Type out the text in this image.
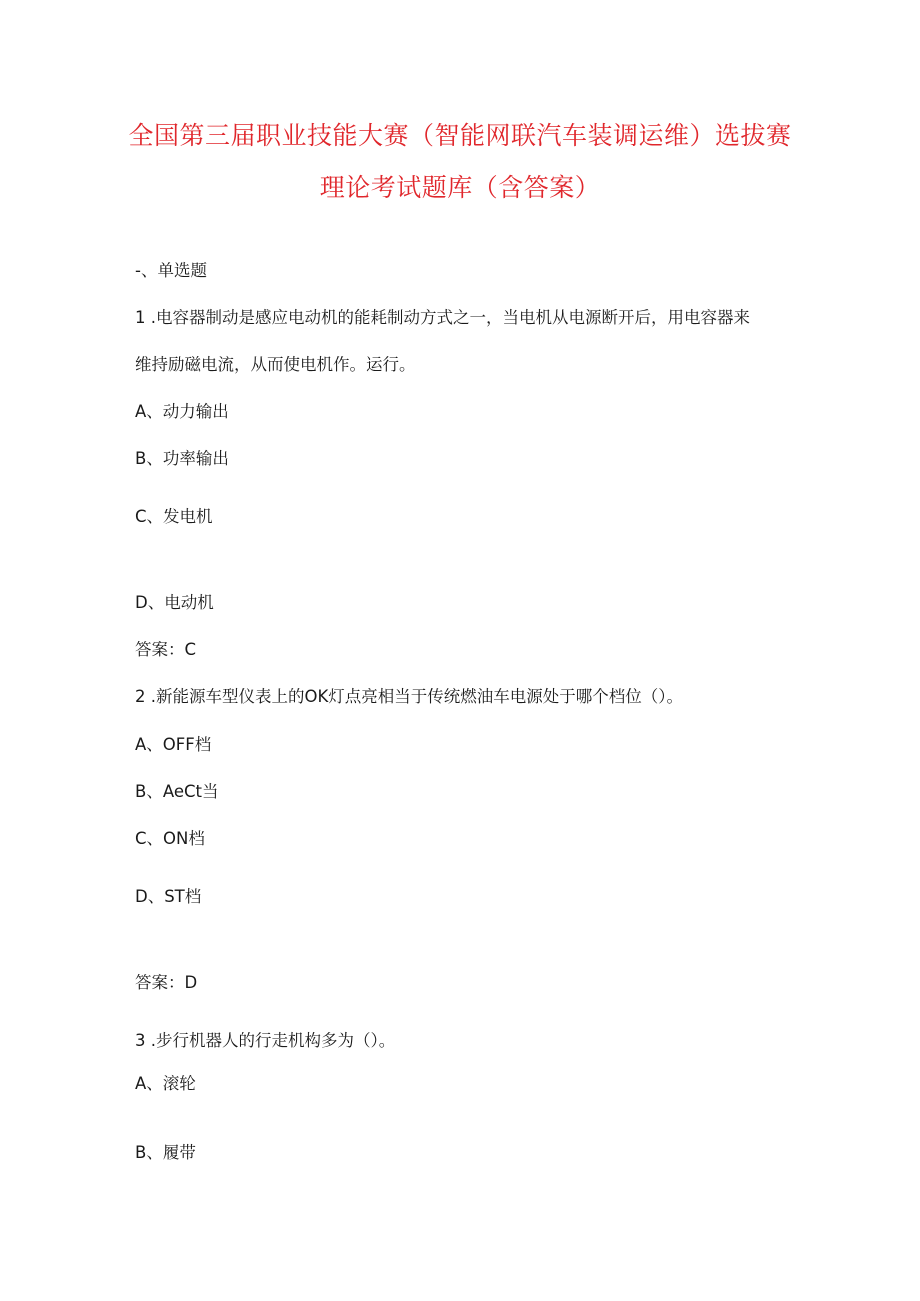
全国第三届职业技能大赛（智能网联汽车装调运维）选拔赛
理论考试题库（含答案）
-、单选题
1 .电容器制动是感应电动机的能耗制动方式之一，当电机从电源断开后，用电容器来
维持励磁电流，从而使电机作。运行。
A、动力输出
B、功率输出
C、发电机
D、电动机
答案：C
2 .新能源车型仪表上的OK灯点亮相当于传统燃油车电源处于哪个档位（）。
A、OFF档
B、AeCt当
C、ON档
D、ST档
答案：D
3 .步行机器人的行走机构多为（）。
A、滚轮
B、履带
